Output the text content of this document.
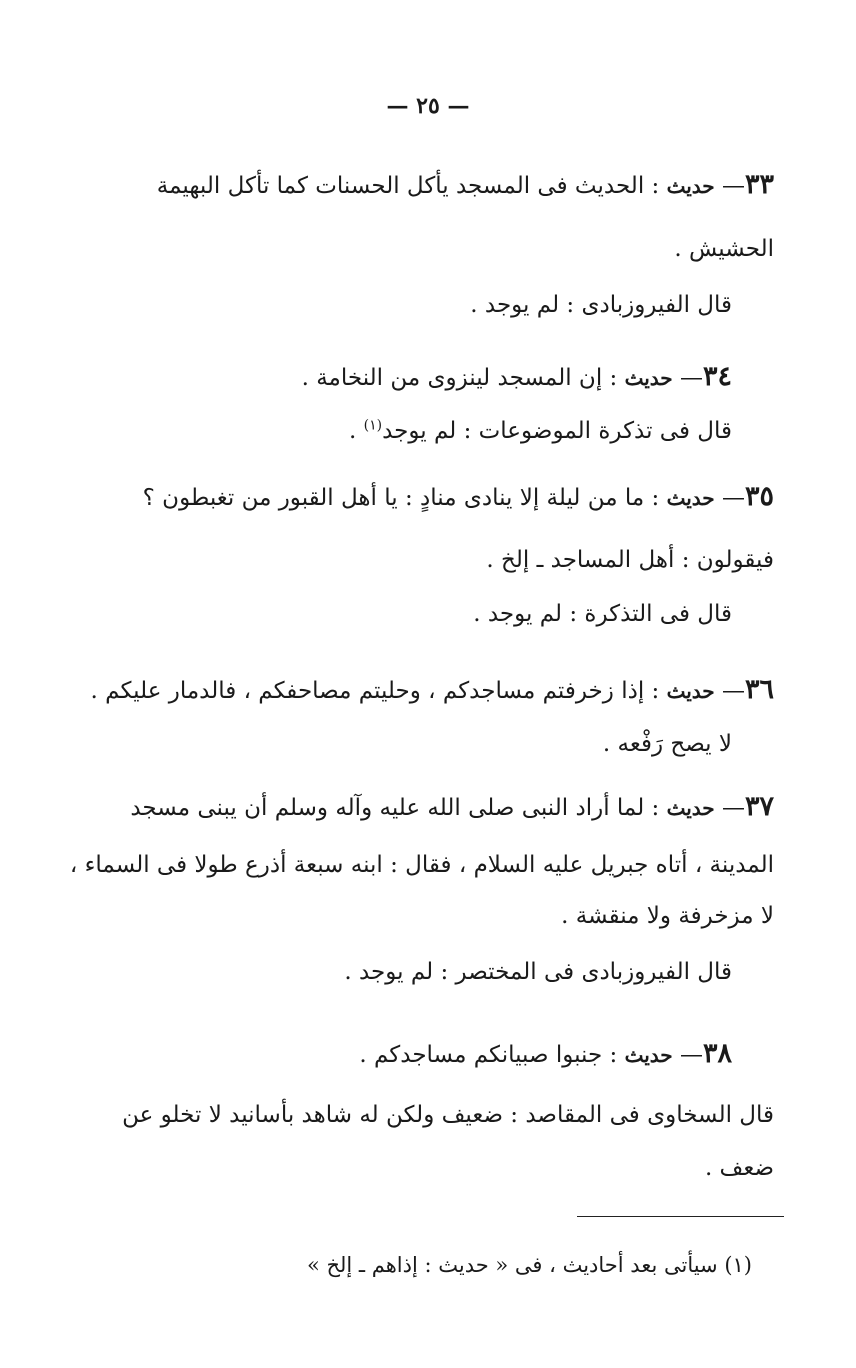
— ٢٥ —
٣٣— حديث : الحديث فى المسجد يأكل الحسنات كما تأكل البهيمة
الحشيش .
قال الفيروزبادى : لم يوجد .
٣٤— حديث : إن المسجد لينزوى من النخامة .
قال فى تذكرة الموضوعات : لم يوجد$^{(١)}$ .
٣٥— حديث : ما من ليلة إلا ينادى منادٍ : يا أهل القبور من تغبطون ؟
فيقولون : أهل المساجد ـ إلخ .
قال فى التذكرة : لم يوجد .
٣٦— حديث : إذا زخرفتم مساجدكم ، وحليتم مصاحفكم ، فالدمار عليكم .
لا يصح رَفْعه .
٣٧— حديث : لما أراد النبى صلى الله عليه وآله وسلم أن يبنى مسجد
المدينة ، أتاه جبريل عليه السلام ، فقال : ابنه سبعة أذرع طولا فى السماء ،
لا مزخرفة ولا منقشة .
قال الفيروزبادى فى المختصر : لم يوجد .
٣٨— حديث : جنبوا صبيانكم مساجدكم .
قال السخاوى فى المقاصد : ضعيف ولكن له شاهد بأسانيد لا تخلو عن
ضعف .
(١) سيأتى بعد أحاديث ، فى « حديث : إذاهم ـ إلخ »
